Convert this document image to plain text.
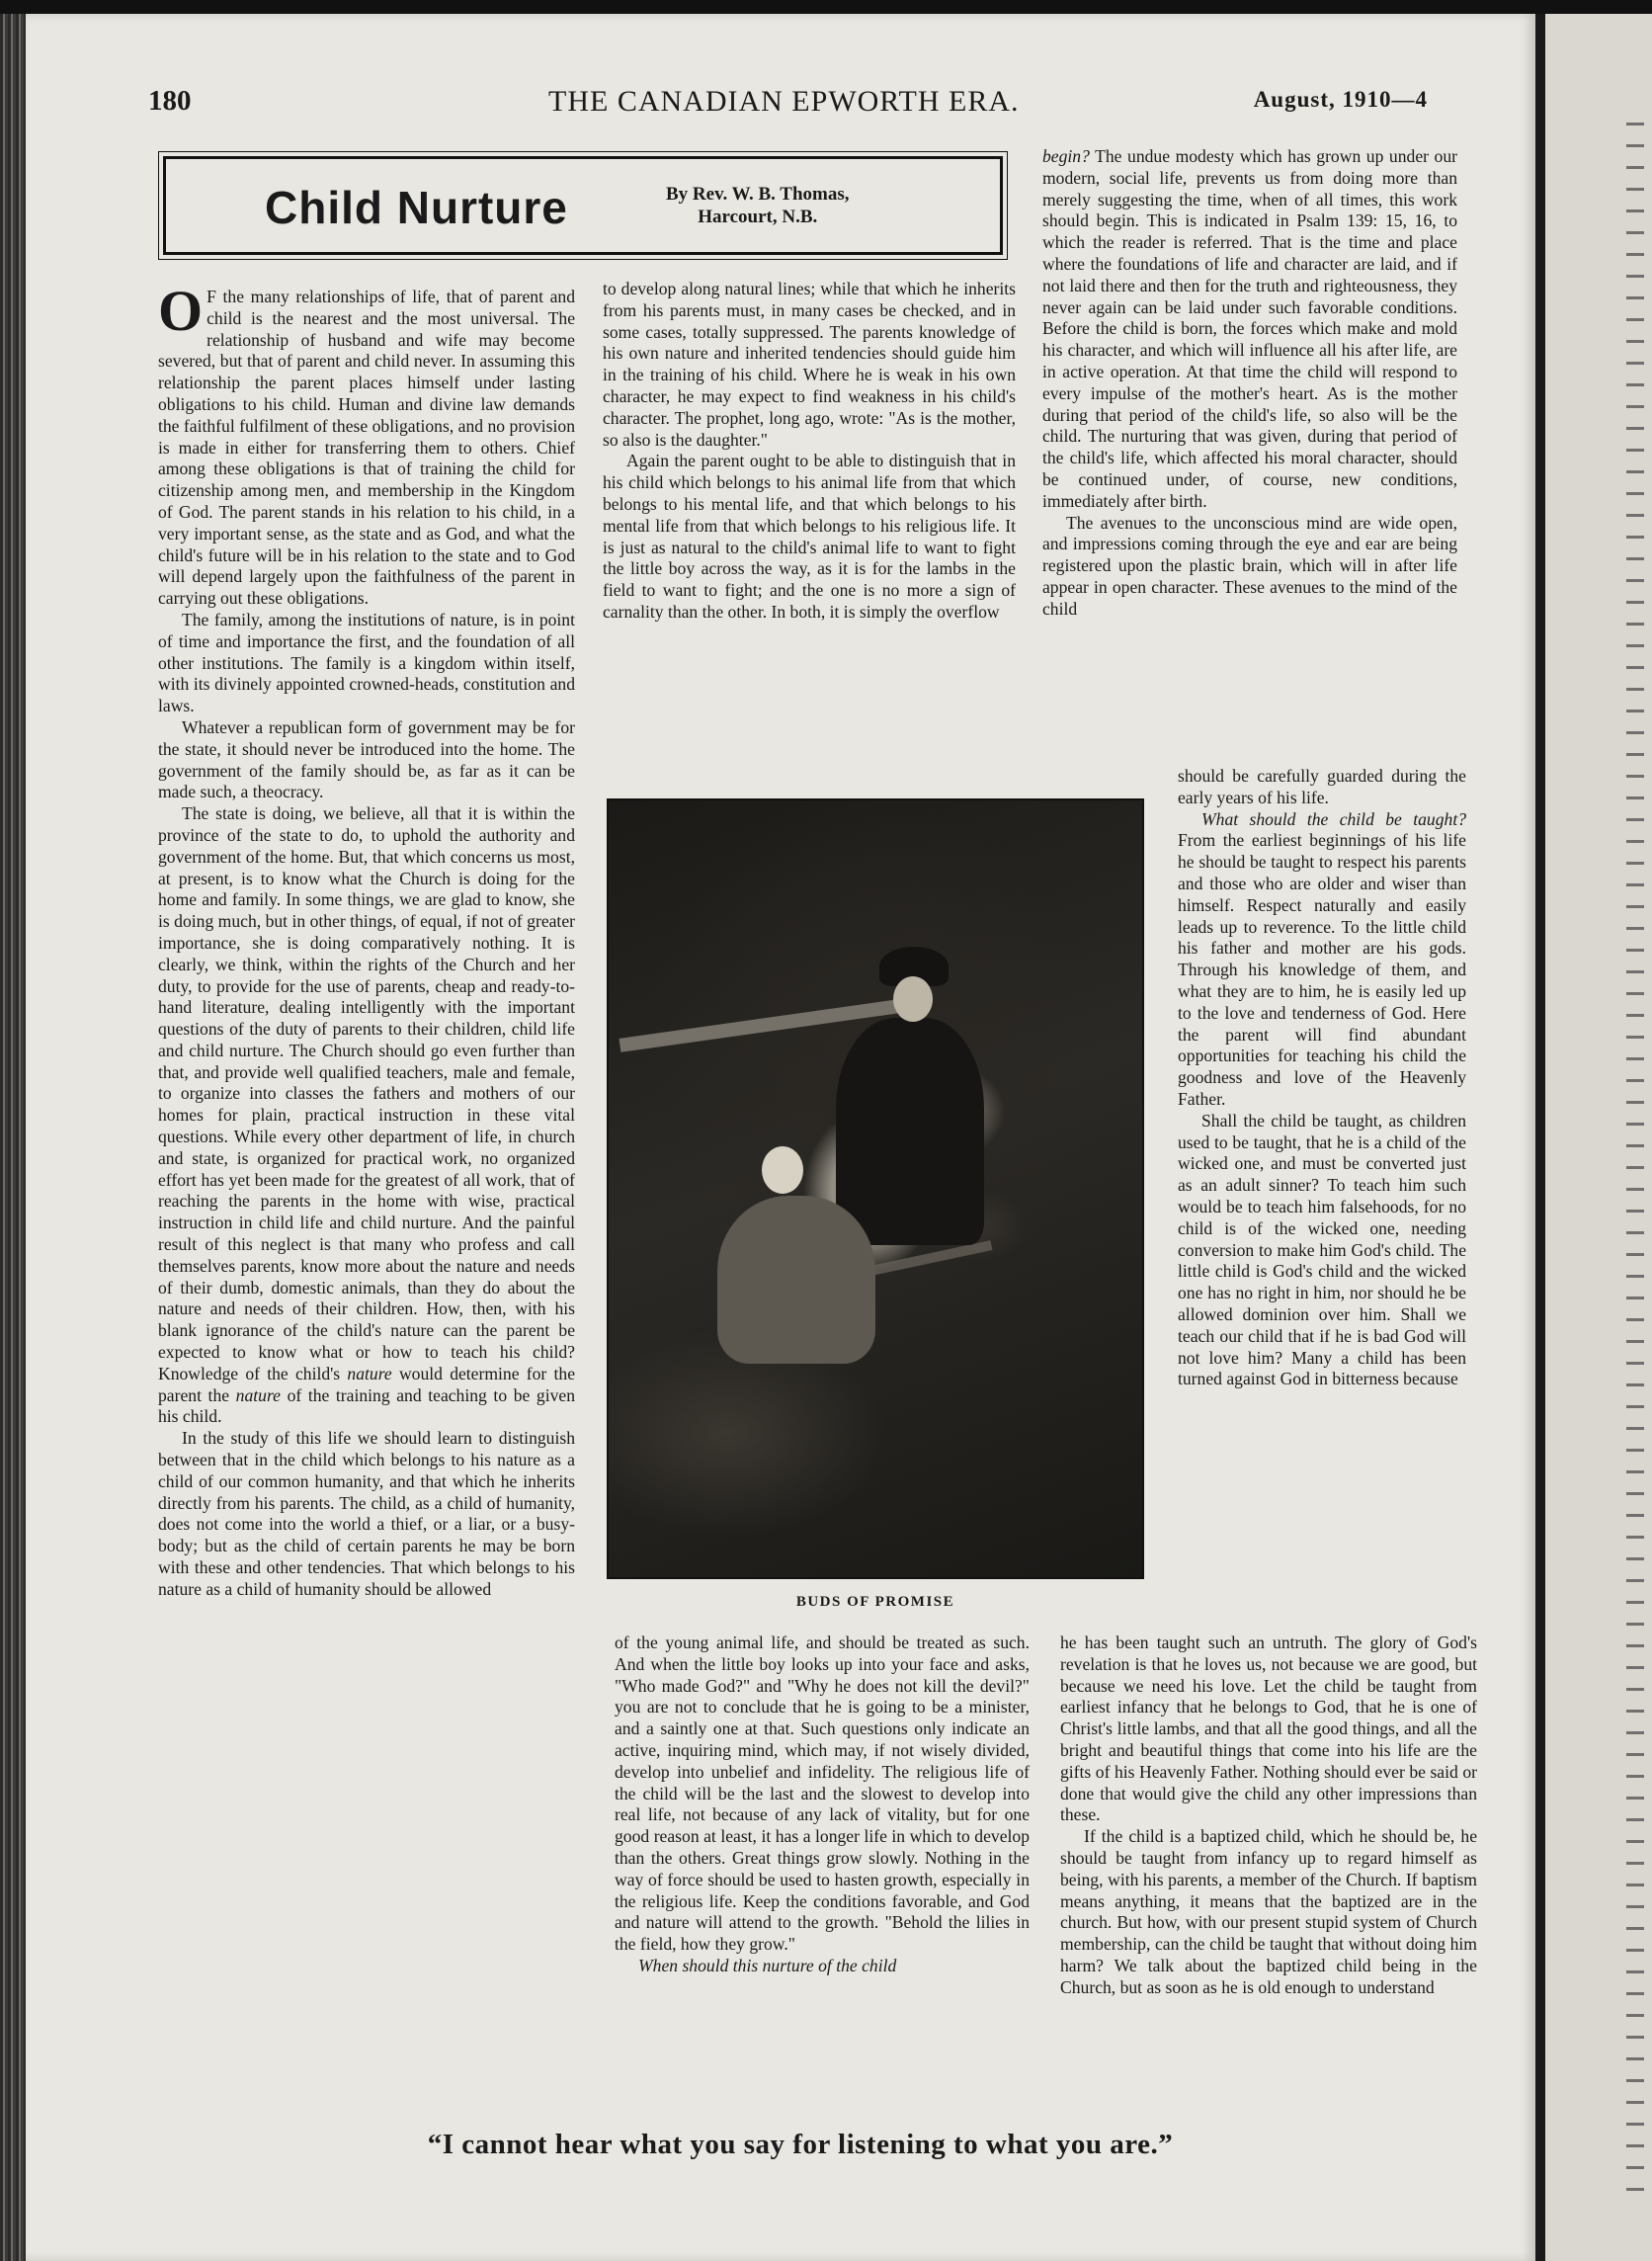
180	THE CANADIAN EPWORTH ERA.	August, 1910—4
Child Nurture	By Rev. W. B. Thomas,
Harcourt, N.B.

O F the many relationships of life, that of parent and child is the nearest and the most universal. The relationship of husband and wife may become severed, but that of parent and child never. In assuming this relationship the parent places himself under lasting obligations to his child. Human and divine law demands the faithful fulfilment of these obligations, and no provision is made in either for transferring them to others. Chief among these obligations is that of training the child for citizenship among men, and membership in the Kingdom of God. The parent stands in his relation to his child, in a very important sense, as the state and as God, and what the child's future will be in his relation to the state and to God will depend largely upon the faithfulness of the parent in carrying out these obligations.

The family, among the institutions of nature, is in point of time and importance the first, and the foundation of all other institutions. The family is a kingdom within itself, with its divinely appointed crowned-heads, constitution and laws.

Whatever a republican form of government may be for the state, it should never be introduced into the home. The government of the family should be, as far as it can be made such, a theocracy.

The state is doing, we believe, all that it is within the province of the state to do, to uphold the authority and government of the home. But, that which concerns us most, at present, is to know what the Church is doing for the home and family. In some things, we are glad to know, she is doing much, but in other things, of equal, if not of greater importance, she is doing comparatively nothing. It is clearly, we think, within the rights of the Church and her duty, to provide for the use of parents, cheap and ready-to-hand literature, dealing intelligently with the important questions of the duty of parents to their children, child life and child nurture. The Church should go even further than that, and provide well qualified teachers, male and female, to organize into classes the fathers and mothers of our homes for plain, practical instruction in these vital questions. While every other department of life, in church and state, is organized for practical work, no organized effort has yet been made for the greatest of all work, that of reaching the parents in the home with wise, practical instruction in child life and child nurture. And the painful result of this neglect is that many who profess and call themselves parents, know more about the nature and needs of their dumb, domestic animals, than they do about the nature and needs of their children. How, then, with his blank ignorance of the child's nature can the parent be expected to know what or how to teach his child? Knowledge of the child's nature would determine for the parent the nature of the training and teaching to be given his child.

In the study of this life we should learn to distinguish between that in the child which belongs to his nature as a child of our common humanity, and that which he inherits directly from his parents. The child, as a child of humanity, does not come into the world a thief, or a liar, or a busy-body; but as the child of certain parents he may be born with these and other tendencies. That which belongs to his nature as a child of humanity should be allowed

to develop along natural lines; while that which he inherits from his parents must, in many cases be checked, and in some cases, totally suppressed. The parents knowledge of his own nature and inherited tendencies should guide him in the training of his child. Where he is weak in his own character, he may expect to find weakness in his child's character. The prophet, long ago, wrote: "As is the mother, so also is the daughter."

Again the parent ought to be able to distinguish that in his child which belongs to his animal life from that which belongs to his mental life, and that which belongs to his mental life from that which belongs to his religious life. It is just as natural to the child's animal life to want to fight the little boy across the way, as it is for the lambs in the field to want to fight; and the one is no more a sign of carnality than the other. In both, it is simply the overflow

BUDS OF PROMISE

of the young animal life, and should be treated as such. And when the little boy looks up into your face and asks, "Who made God?" and "Why he does not kill the devil?" you are not to conclude that he is going to be a minister, and a saintly one at that. Such questions only indicate an active, inquiring mind, which may, if not wisely divided, develop into unbelief and infidelity. The religious life of the child will be the last and the slowest to develop into real life, not because of any lack of vitality, but for one good reason at least, it has a longer life in which to develop than the others. Great things grow slowly. Nothing in the way of force should be used to hasten growth, especially in the religious life. Keep the conditions favorable, and God and nature will attend to the growth. "Behold the lilies in the field, how they grow."

When should this nurture of the child

begin? The undue modesty which has grown up under our modern, social life, prevents us from doing more than merely suggesting the time, when of all times, this work should begin. This is indicated in Psalm 139: 15, 16, to which the reader is referred. That is the time and place where the foundations of life and character are laid, and if not laid there and then for the truth and righteousness, they never again can be laid under such favorable conditions. Before the child is born, the forces which make and mold his character, and which will influence all his after life, are in active operation. At that time the child will respond to every impulse of the mother's heart. As is the mother during that period of the child's life, so also will be the child. The nurturing that was given, during that period of the child's life, which affected his moral character, should be continued under, of course, new conditions, immediately after birth.

The avenues to the unconscious mind are wide open, and impressions coming through the eye and ear are being registered upon the plastic brain, which will in after life appear in open character. These avenues to the mind of the child

should be carefully guarded during the early years of his life.

What should the child be taught? From the earliest beginnings of his life he should be taught to respect his parents and those who are older and wiser than himself. Respect naturally and easily leads up to reverence. To the little child his father and mother are his gods. Through his knowledge of them, and what they are to him, he is easily led up to the love and tenderness of God. Here the parent will find abundant opportunities for teaching his child the goodness and love of the Heavenly Father.

Shall the child be taught, as children used to be taught, that he is a child of the wicked one, and must be converted just as an adult sinner? To teach him such would be to teach him falsehoods, for no child is of the wicked one, needing conversion to make him God's child. The little child is God's child and the wicked one has no right in him, nor should he be allowed dominion over him. Shall we teach our child that if he is bad God will not love him? Many a child has been turned against God in bitterness because

he has been taught such an untruth. The glory of God's revelation is that he loves us, not because we are good, but because we need his love. Let the child be taught from earliest infancy that he belongs to God, that he is one of Christ's little lambs, and that all the good things, and all the bright and beautiful things that come into his life are the gifts of his Heavenly Father. Nothing should ever be said or done that would give the child any other impressions than these.

If the child is a baptized child, which he should be, he should be taught from infancy up to regard himself as being, with his parents, a member of the Church. If baptism means anything, it means that the baptized are in the church. But how, with our present stupid system of Church membership, can the child be taught that without doing him harm? We talk about the baptized child being in the Church, but as soon as he is old enough to understand

“I cannot hear what you say for listening to what you are.”
